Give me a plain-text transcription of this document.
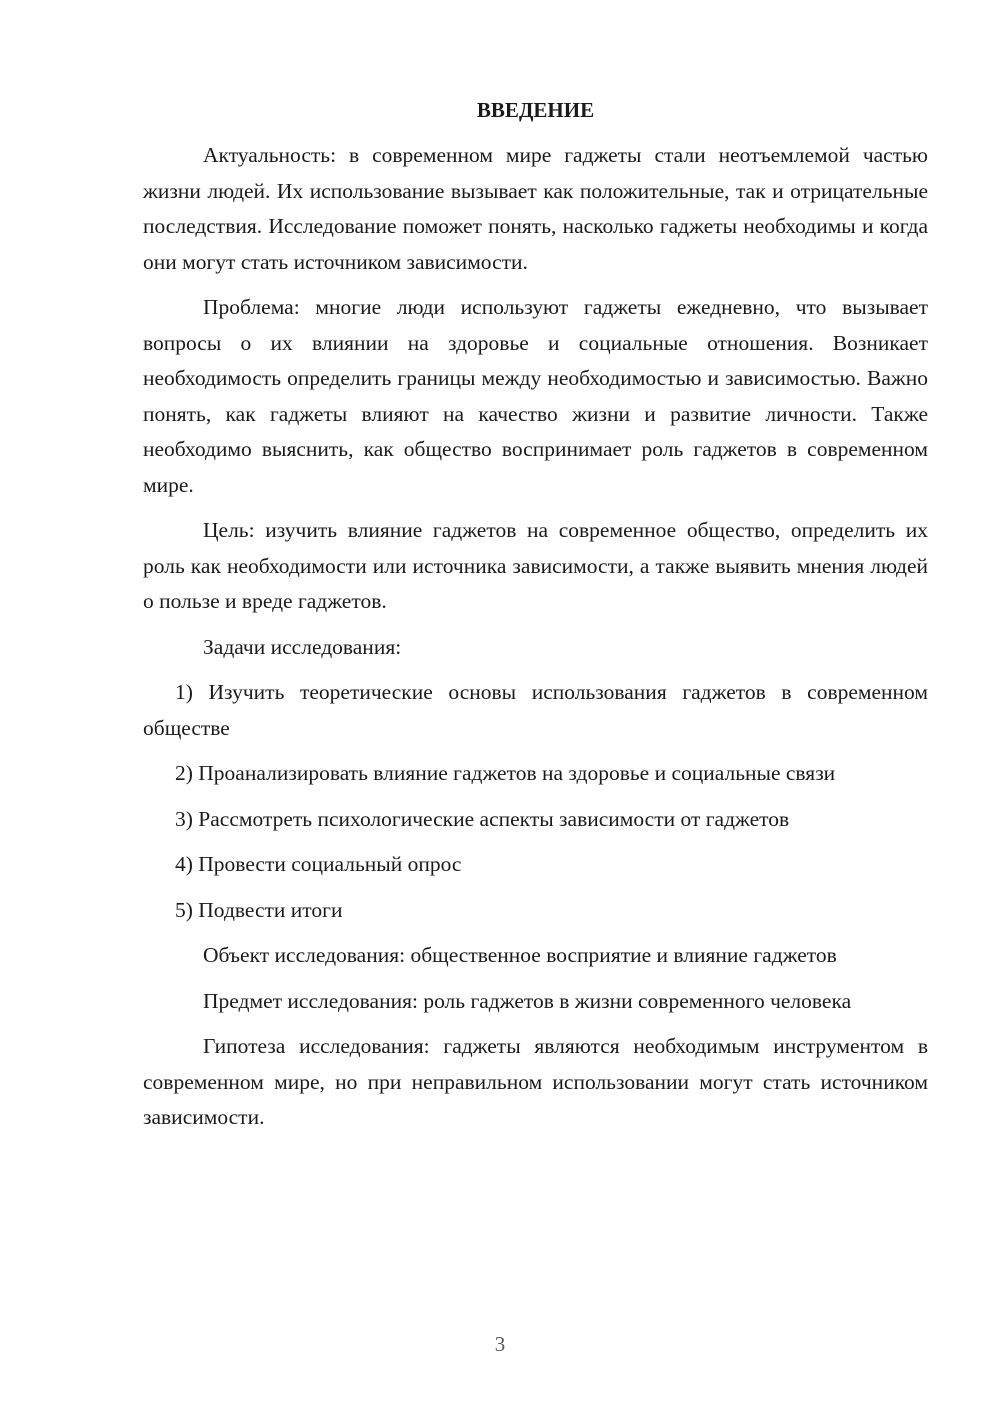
ВВЕДЕНИЕ
Актуальность: в современном мире гаджеты стали неотъемлемой частью жизни людей. Их использование вызывает как положительные, так и отрицательные последствия. Исследование поможет понять, насколько гаджеты необходимы и когда они могут стать источником зависимости.
Проблема: многие люди используют гаджеты ежедневно, что вызывает вопросы о их влиянии на здоровье и социальные отношения. Возникает необходимость определить границы между необходимостью и зависимостью. Важно понять, как гаджеты влияют на качество жизни и развитие личности. Также необходимо выяснить, как общество воспринимает роль гаджетов в современном мире.
Цель: изучить влияние гаджетов на современное общество, определить их роль как необходимости или источника зависимости, а также выявить мнения людей о пользе и вреде гаджетов.
Задачи исследования:
1) Изучить теоретические основы использования гаджетов в современном обществе
2) Проанализировать влияние гаджетов на здоровье и социальные связи
3) Рассмотреть психологические аспекты зависимости от гаджетов
4) Провести социальный опрос
5) Подвести итоги
Объект исследования: общественное восприятие и влияние гаджетов
Предмет исследования: роль гаджетов в жизни современного человека
Гипотеза исследования: гаджеты являются необходимым инструментом в современном мире, но при неправильном использовании могут стать источником зависимости.
3
